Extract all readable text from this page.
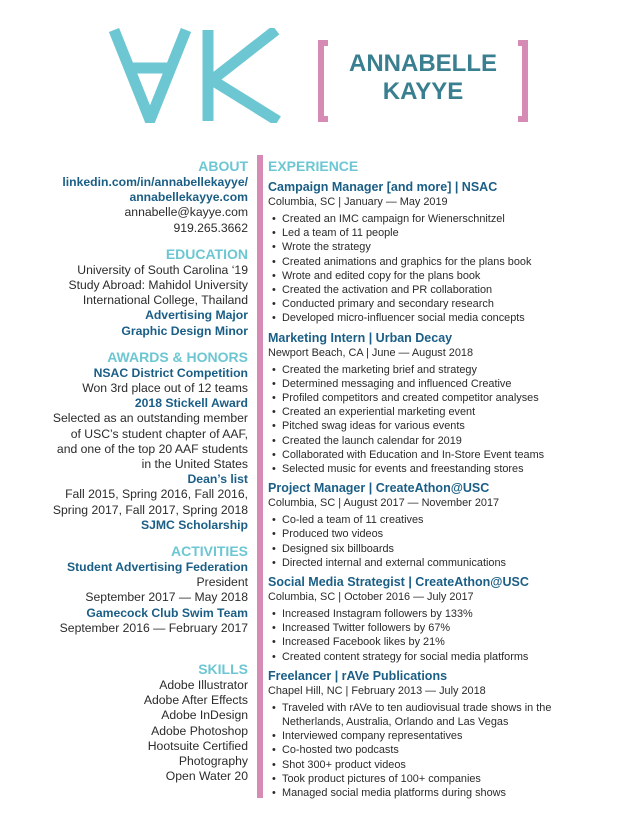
ANNABELLE
KAYYE
ABOUT
linkedin.com/in/annabellekayye/
annabellekayye.com
annabelle@kayye.com
919.265.3662
EDUCATION
University of South Carolina ‘19
Study Abroad: Mahidol University
International College, Thailand
Advertising Major
Graphic Design Minor
AWARDS & HONORS
NSAC District Competition
Won 3rd place out of 12 teams
2018 Stickell Award
Selected as an outstanding member
of USC’s student chapter of AAF,
and one of the top 20 AAF students
in the United States
Dean’s list
Fall 2015, Spring 2016, Fall 2016,
Spring 2017, Fall 2017, Spring 2018
SJMC Scholarship
ACTIVITIES
Student Advertising Federation
President
September 2017 — May 2018
Gamecock Club Swim Team
September 2016 — February 2017
SKILLS
Adobe Illustrator
Adobe After Effects
Adobe InDesign
Adobe Photoshop
Hootsuite Certified
Photography
Open Water 20
EXPERIENCE
Campaign Manager [and more] | NSAC
Columbia, SC | January — May 2019
• Created an IMC campaign for Wienerschnitzel
• Led a team of 11 people
• Wrote the strategy
• Created animations and graphics for the plans book
• Wrote and edited copy for the plans book
• Created the activation and PR collaboration
• Conducted primary and secondary research
• Developed micro-influencer social media concepts
Marketing Intern | Urban Decay
Newport Beach, CA | June — August 2018
• Created the marketing brief and strategy
• Determined messaging and influenced Creative
• Profiled competitors and created competitor analyses
• Created an experiential marketing event
• Pitched swag ideas for various events
• Created the launch calendar for 2019
• Collaborated with Education and In-Store Event teams
• Selected music for events and freestanding stores
Project Manager | CreateAthon@USC
Columbia, SC | August 2017 — November 2017
• Co-led a team of 11 creatives
• Produced two videos
• Designed six billboards
• Directed internal and external communications
Social Media Strategist | CreateAthon@USC
Columbia, SC | October 2016 — July 2017
• Increased Instagram followers by 133%
• Increased Twitter followers by 67%
• Increased Facebook likes by 21%
• Created content strategy for social media platforms
Freelancer | rAVe Publications
Chapel Hill, NC | February 2013 — July 2018
• Traveled with rAVe to ten audiovisual trade shows in the Netherlands, Australia, Orlando and Las Vegas
• Interviewed company representatives
• Co-hosted two podcasts
• Shot 300+ product videos
• Took product pictures of 100+ companies
• Managed social media platforms during shows
